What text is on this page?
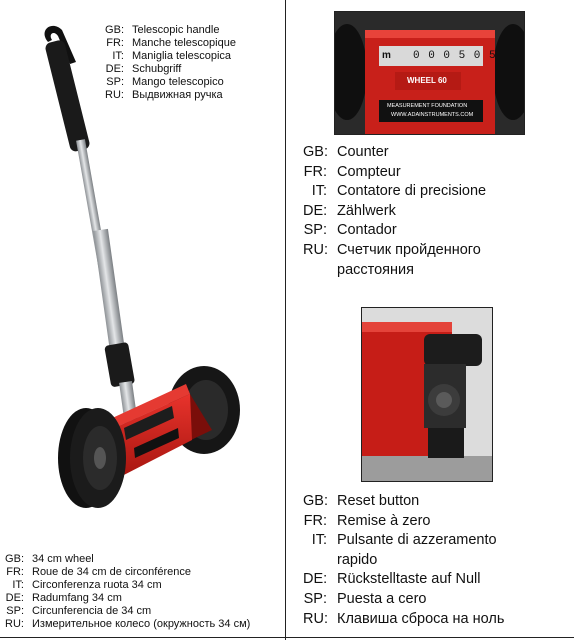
GB: Telescopic handle
FR: Manche telescopique
IT: Maniglia telescopica
DE: Schubgriff
SP: Mango telescopico
RU: Выдвижная ручка
GB: 34 cm wheel
FR: Roue de 34 cm de circonférence
IT: Circonferenza ruota 34 cm
DE: Radumfang 34 cm
SP: Circunferencia de 34 cm
RU: Измерительное колесо (окружность 34 см)
0 0 0 5 0 5
m
WHEEL 60
MEASUREMENT FOUNDATION
WWW.ADAINSTRUMENTS.COM
GB: Counter
FR: Compteur
IT: Contatore di precisione
DE: Zählwerk
SP: Contador
RU: Счетчик пройденного расстояния
GB: Reset button
FR: Remise à zero
IT: Pulsante di azzeramento rapido
DE: Rückstelltaste auf Null
SP: Puesta a cero
RU: Клавиша сброса на ноль
